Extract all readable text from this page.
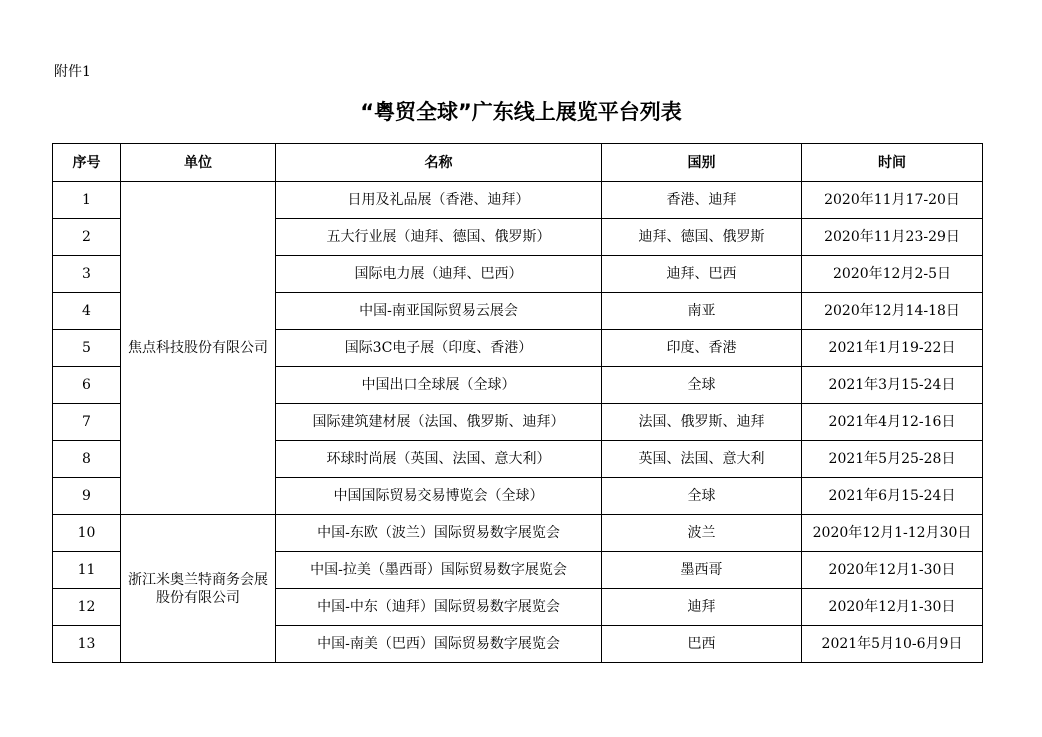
附件1
“粤贸全球”广东线上展览平台列表
序号	单位	名称	国别	时间
1	焦点科技股份有限公司	日用及礼品展（香港、迪拜）	香港、迪拜	2020年11月17-20日
2		五大行业展（迪拜、德国、俄罗斯）	迪拜、德国、俄罗斯	2020年11月23-29日
3		国际电力展（迪拜、巴西）	迪拜、巴西	2020年12月2-5日
4		中国-南亚国际贸易云展会	南亚	2020年12月14-18日
5		国际3C电子展（印度、香港）	印度、香港	2021年1月19-22日
6		中国出口全球展（全球）	全球	2021年3月15-24日
7		国际建筑建材展（法国、俄罗斯、迪拜）	法国、俄罗斯、迪拜	2021年4月12-16日
8		环球时尚展（英国、法国、意大利）	英国、法国、意大利	2021年5月25-28日
9		中国国际贸易交易博览会（全球）	全球	2021年6月15-24日
10	浙江米奥兰特商务会展股份有限公司	中国-东欧（波兰）国际贸易数字展览会	波兰	2020年12月1-12月30日
11		中国-拉美（墨西哥）国际贸易数字展览会	墨西哥	2020年12月1-30日
12		中国-中东（迪拜）国际贸易数字展览会	迪拜	2020年12月1-30日
13		中国-南美（巴西）国际贸易数字展览会	巴西	2021年5月10-6月9日
